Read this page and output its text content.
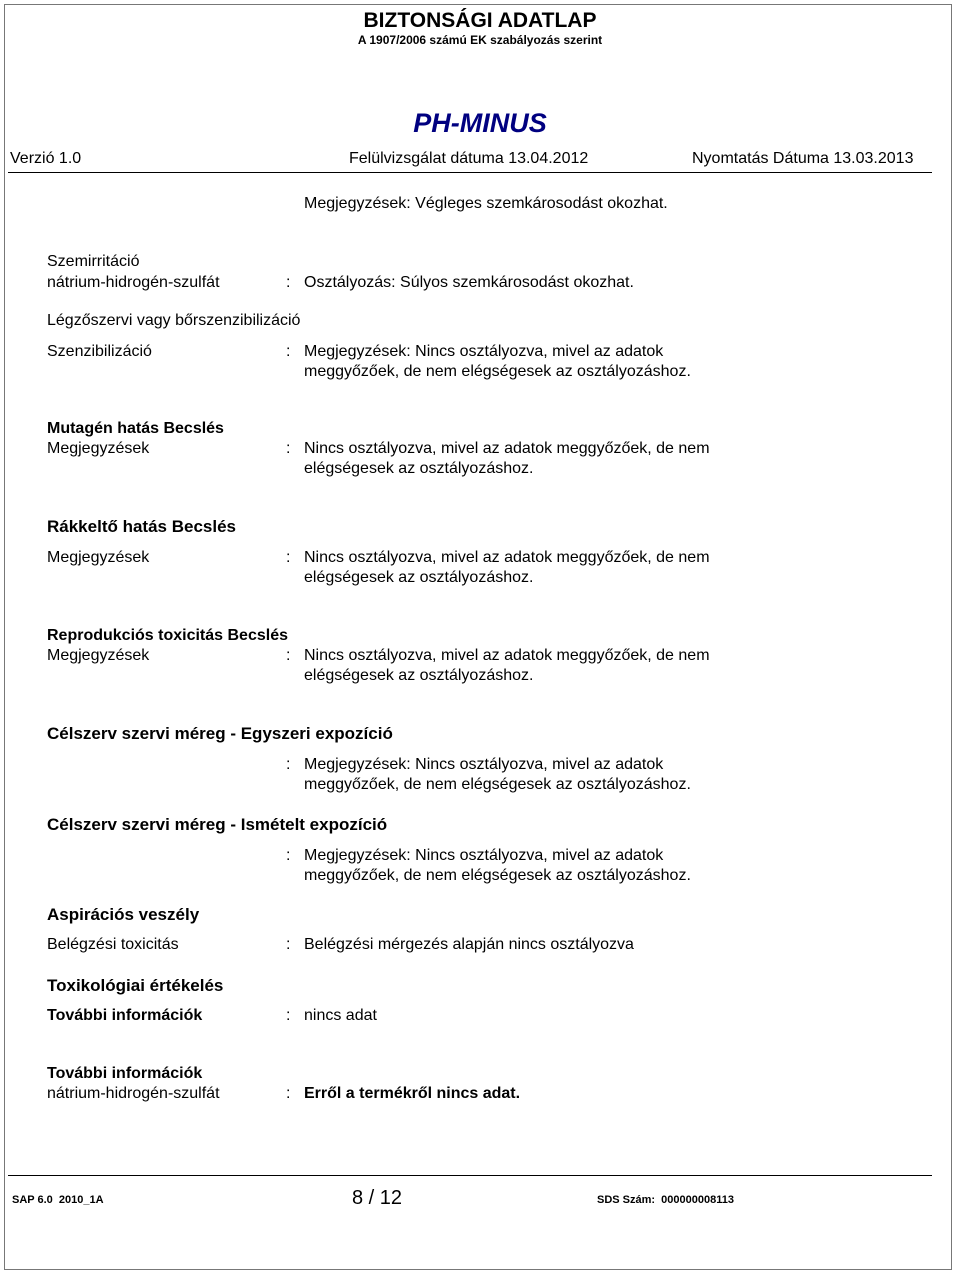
BIZTONSÁGI ADATLAP
A 1907/2006 számú EK szabályozás szerint
PH-MINUS
Verzió 1.0	Felülvizsgálat dátuma 13.04.2012	Nyomtatás Dátuma 13.03.2013
Megjegyzések: Végleges szemkárosodást okozhat.
Szemirritáció
nátrium-hidrogén-szulfát	: Osztályozás: Súlyos szemkárosodást okozhat.
Légzőszervi vagy bőrszenzibilizáció
Szenzibilizáció	: Megjegyzések: Nincs osztályozva, mivel az adatok
meggyőzőek, de nem elégségesek az osztályozáshoz.
Mutagén hatás Becslés
Megjegyzések	: Nincs osztályozva, mivel az adatok meggyőzőek, de nem
elégségesek az osztályozáshoz.
Rákkeltő hatás Becslés
Megjegyzések	: Nincs osztályozva, mivel az adatok meggyőzőek, de nem
elégségesek az osztályozáshoz.
Reprodukciós toxicitás Becslés
Megjegyzések	: Nincs osztályozva, mivel az adatok meggyőzőek, de nem
elégségesek az osztályozáshoz.
Célszerv szervi méreg - Egyszeri expozíció
: Megjegyzések: Nincs osztályozva, mivel az adatok
meggyőzőek, de nem elégségesek az osztályozáshoz.
Célszerv szervi méreg - Ismételt expozíció
: Megjegyzések: Nincs osztályozva, mivel az adatok
meggyőzőek, de nem elégségesek az osztályozáshoz.
Aspirációs veszély
Belégzési toxicitás	: Belégzési mérgezés alapján nincs osztályozva
Toxikológiai értékelés
További információk	: nincs adat
További információk
nátrium-hidrogén-szulfát	: Erről a termékről nincs adat.
SAP 6.0  2010_1A	8 / 12	SDS Szám:  000000008113
